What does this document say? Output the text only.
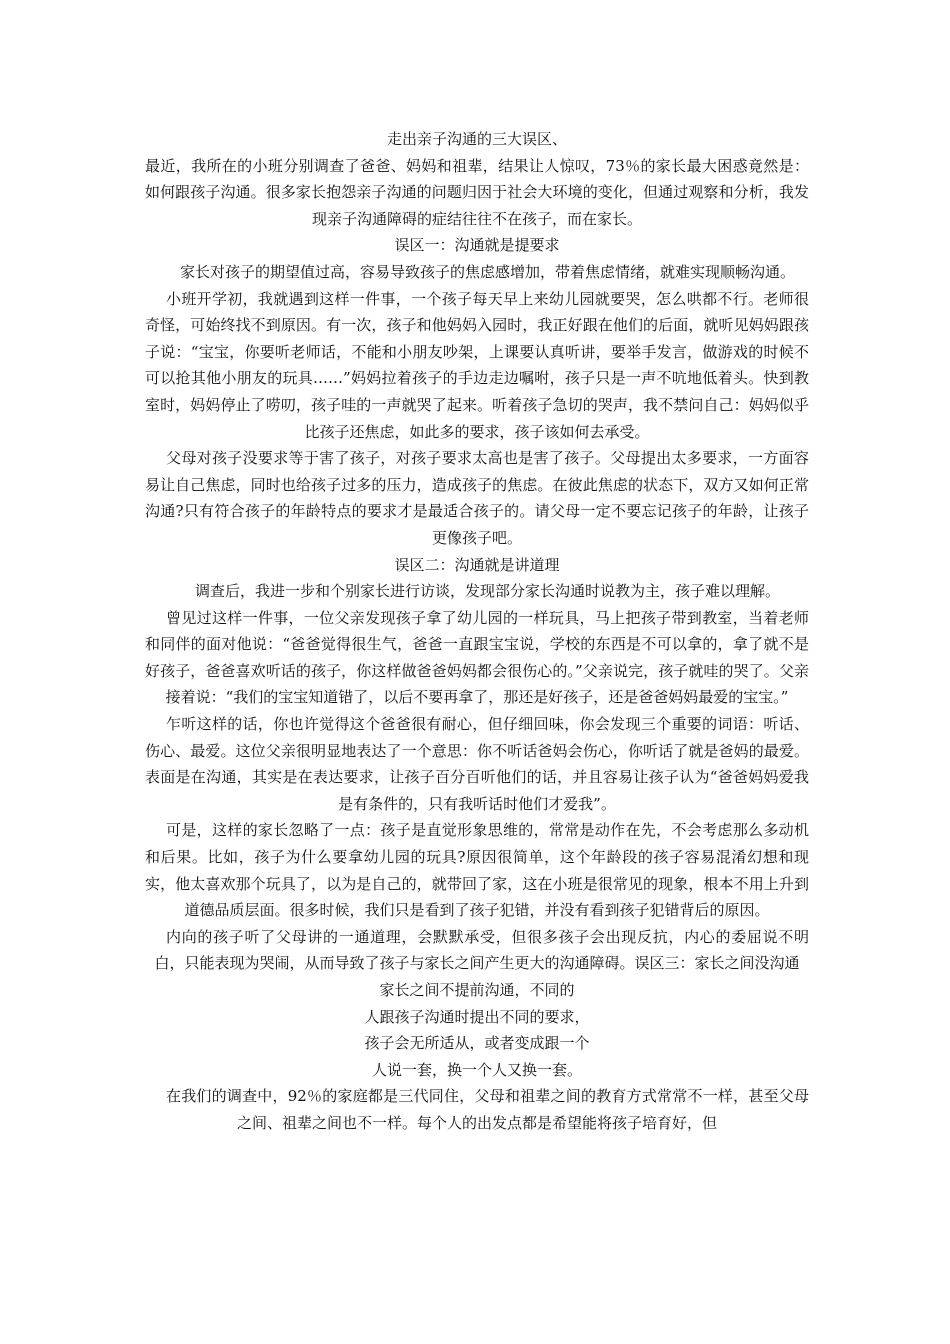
走出亲子沟通的三大误区、

最近，我所在的小班分别调查了爸爸、妈妈和祖辈，结果让人惊叹，73％的家长最大困惑竟然是：如何跟孩子沟通。很多家长抱怨亲子沟通的问题归因于社会大环境的变化，但通过观察和分析，我发现亲子沟通障碍的症结往往不在孩子，而在家长。

误区一：沟通就是提要求

家长对孩子的期望值过高，容易导致孩子的焦虑感增加，带着焦虑情绪，就难实现顺畅沟通。

小班开学初，我就遇到这样一件事，一个孩子每天早上来幼儿园就要哭，怎么哄都不行。老师很奇怪，可始终找不到原因。有一次，孩子和他妈妈入园时，我正好跟在他们的后面，就听见妈妈跟孩子说：“宝宝，你要听老师话，不能和小朋友吵架，上课要认真听讲，要举手发言，做游戏的时候不可以抢其他小朋友的玩具……”妈妈拉着孩子的手边走边嘱咐，孩子只是一声不吭地低着头。快到教室时，妈妈停止了唠叨，孩子哇的一声就哭了起来。听着孩子急切的哭声，我不禁问自己：妈妈似乎比孩子还焦虑，如此多的要求，孩子该如何去承受。

父母对孩子没要求等于害了孩子，对孩子要求太高也是害了孩子。父母提出太多要求，一方面容易让自己焦虑，同时也给孩子过多的压力，造成孩子的焦虑。在彼此焦虑的状态下，双方又如何正常沟通?只有符合孩子的年龄特点的要求才是最适合孩子的。请父母一定不要忘记孩子的年龄，让孩子更像孩子吧。

误区二：沟通就是讲道理

调查后，我进一步和个别家长进行访谈，发现部分家长沟通时说教为主，孩子难以理解。

曾见过这样一件事，一位父亲发现孩子拿了幼儿园的一样玩具，马上把孩子带到教室，当着老师和同伴的面对他说：“爸爸觉得很生气，爸爸一直跟宝宝说，学校的东西是不可以拿的，拿了就不是好孩子，爸爸喜欢听话的孩子，你这样做爸爸妈妈都会很伤心的。”父亲说完，孩子就哇的哭了。父亲接着说：“我们的宝宝知道错了，以后不要再拿了，那还是好孩子，还是爸爸妈妈最爱的宝宝。”

乍听这样的话，你也许觉得这个爸爸很有耐心，但仔细回味，你会发现三个重要的词语：听话、伤心、最爱。这位父亲很明显地表达了一个意思：你不听话爸妈会伤心，你听话了就是爸妈的最爱。表面是在沟通，其实是在表达要求，让孩子百分百听他们的话，并且容易让孩子认为“爸爸妈妈爱我是有条件的，只有我听话时他们才爱我”。

可是，这样的家长忽略了一点：孩子是直觉形象思维的，常常是动作在先，不会考虑那么多动机和后果。比如，孩子为什么要拿幼儿园的玩具?原因很简单，这个年龄段的孩子容易混淆幻想和现实，他太喜欢那个玩具了，以为是自己的，就带回了家，这在小班是很常见的现象，根本不用上升到道德品质层面。很多时候，我们只是看到了孩子犯错，并没有看到孩子犯错背后的原因。

内向的孩子听了父母讲的一通道理，会默默承受，但很多孩子会出现反抗，内心的委屈说不明白，只能表现为哭闹，从而导致了孩子与家长之间产生更大的沟通障碍。误区三：家长之间没沟通

家长之间不提前沟通，不同的

人跟孩子沟通时提出不同的要求，

孩子会无所适从，或者变成跟一个

人说一套，换一个人又换一套。

在我们的调查中，92％的家庭都是三代同住，父母和祖辈之间的教育方式常常不一样，甚至父母之间、祖辈之间也不一样。每个人的出发点都是希望能将孩子培育好，但
